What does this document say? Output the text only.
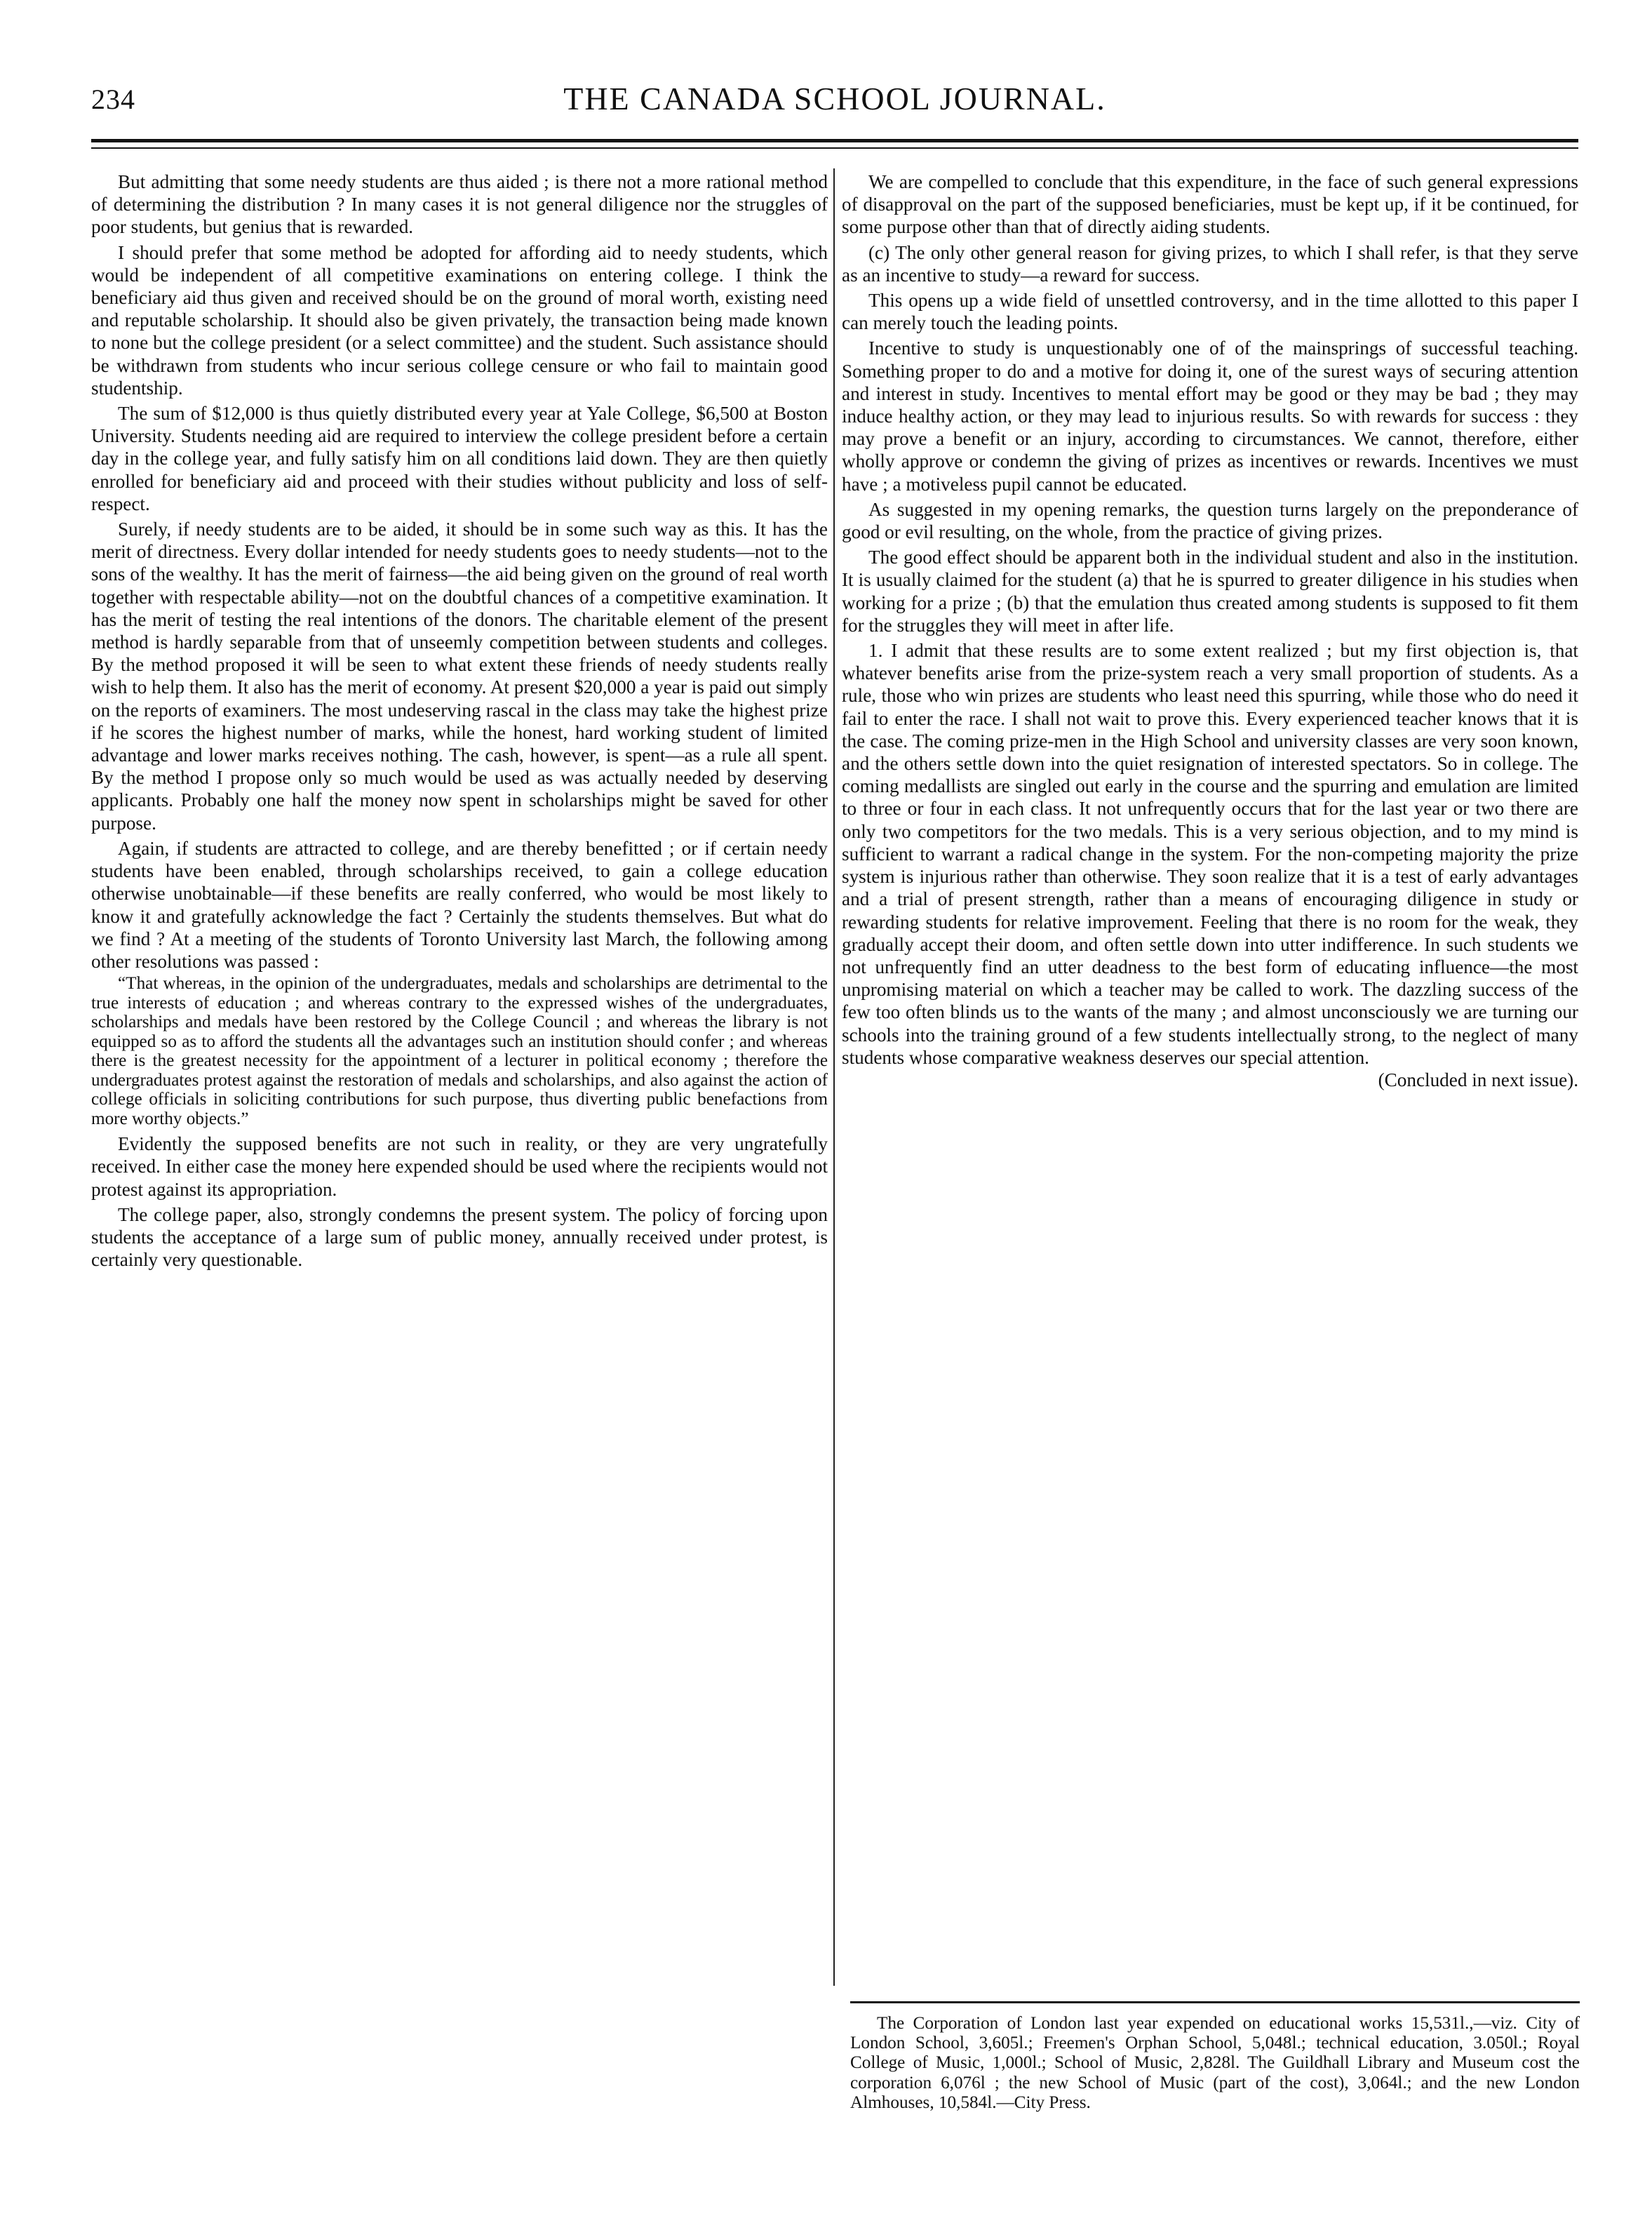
234	THE CANADA SCHOOL JOURNAL.

But admitting that some needy students are thus aided ; is there not a more rational method of determining the distribution ? In many cases it is not general diligence nor the struggles of poor students, but genius that is rewarded.

I should prefer that some method be adopted for affording aid to needy students, which would be independent of all competitive examinations on entering college. I think the beneficiary aid thus given and received should be on the ground of moral worth, existing need and reputable scholarship. It should also be given privately, the transaction being made known to none but the college president (or a select committee) and the student. Such assistance should be withdrawn from students who incur serious college censure or who fail to maintain good studentship.

The sum of $12,000 is thus quietly distributed every year at Yale College, $6,500 at Boston University. Students needing aid are required to interview the college president before a certain day in the college year, and fully satisfy him on all conditions laid down. They are then quietly enrolled for beneficiary aid and proceed with their studies without publicity and loss of self-respect.

Surely, if needy students are to be aided, it should be in some such way as this. It has the merit of directness. Every dollar intended for needy students goes to needy students—not to the sons of the wealthy. It has the merit of fairness—the aid being given on the ground of real worth together with respectable ability—not on the doubtful chances of a competitive examination. It has the merit of testing the real intentions of the donors. The charitable element of the present method is hardly separable from that of unseemly competition between students and colleges. By the method proposed it will be seen to what extent these friends of needy students really wish to help them. It also has the merit of economy. At present $20,000 a year is paid out simply on the reports of examiners. The most undeserving rascal in the class may take the highest prize if he scores the highest number of marks, while the honest, hard working student of limited advantage and lower marks receives nothing. The cash, however, is spent—as a rule all spent. By the method I propose only so much would be used as was actually needed by deserving applicants. Probably one half the money now spent in scholarships might be saved for other purpose.

Again, if students are attracted to college, and are thereby benefitted ; or if certain needy students have been enabled, through scholarships received, to gain a college education otherwise unobtainable—if these benefits are really conferred, who would be most likely to know it and gratefully acknowledge the fact ? Certainly the students themselves. But what do we find ? At a meeting of the students of Toronto University last March, the following among other resolutions was passed :

“That whereas, in the opinion of the undergraduates, medals and scholarships are detrimental to the true interests of education ; and whereas contrary to the expressed wishes of the undergraduates, scholarships and medals have been restored by the College Council ; and whereas the library is not equipped so as to afford the students all the advantages such an institution should confer ; and whereas there is the greatest necessity for the appointment of a lecturer in political economy ; therefore the undergraduates protest against the restoration of medals and scholarships, and also against the action of college officials in soliciting contributions for such purpose, thus diverting public benefactions from more worthy objects.”

Evidently the supposed benefits are not such in reality, or they are very ungratefully received. In either case the money here expended should be used where the recipients would not protest against its appropriation.

The college paper, also, strongly condemns the present system. The policy of forcing upon students the acceptance of a large sum of public money, annually received under protest, is certainly very questionable.

We are compelled to conclude that this expenditure, in the face of such general expressions of disapproval on the part of the supposed beneficiaries, must be kept up, if it be continued, for some purpose other than that of directly aiding students.

(c) The only other general reason for giving prizes, to which I shall refer, is that they serve as an incentive to study—a reward for success.

This opens up a wide field of unsettled controversy, and in the time allotted to this paper I can merely touch the leading points.

Incentive to study is unquestionably one of of the mainsprings of successful teaching. Something proper to do and a motive for doing it, one of the surest ways of securing attention and interest in study. Incentives to mental effort may be good or they may be bad ; they may induce healthy action, or they may lead to injurious results. So with rewards for success : they may prove a benefit or an injury, according to circumstances. We cannot, therefore, either wholly approve or condemn the giving of prizes as incentives or rewards. Incentives we must have ; a motiveless pupil cannot be educated.

As suggested in my opening remarks, the question turns largely on the preponderance of good or evil resulting, on the whole, from the practice of giving prizes.

The good effect should be apparent both in the individual student and also in the institution. It is usually claimed for the student (a) that he is spurred to greater diligence in his studies when working for a prize ; (b) that the emulation thus created among students is supposed to fit them for the struggles they will meet in after life.

1. I admit that these results are to some extent realized ; but my first objection is, that whatever benefits arise from the prize-system reach a very small proportion of students. As a rule, those who win prizes are students who least need this spurring, while those who do need it fail to enter the race. I shall not wait to prove this. Every experienced teacher knows that it is the case. The coming prize-men in the High School and university classes are very soon known, and the others settle down into the quiet resignation of interested spectators. So in college. The coming medallists are singled out early in the course and the spurring and emulation are limited to three or four in each class. It not unfrequently occurs that for the last year or two there are only two competitors for the two medals. This is a very serious objection, and to my mind is sufficient to warrant a radical change in the system. For the non-competing majority the prize system is injurious rather than otherwise. They soon realize that it is a test of early advantages and a trial of present strength, rather than a means of encouraging diligence in study or rewarding students for relative improvement. Feeling that there is no room for the weak, they gradually accept their doom, and often settle down into utter indifference. In such students we not unfrequently find an utter deadness to the best form of educating influence—the most unpromising material on which a teacher may be called to work. The dazzling success of the few too often blinds us to the wants of the many ; and almost unconsciously we are turning our schools into the training ground of a few students intellectually strong, to the neglect of many students whose comparative weakness deserves our special attention.

(Concluded in next issue).

The Corporation of London last year expended on educational works 15,531l.,—viz. City of London School, 3,605l.; Freemen's Orphan School, 5,048l.; technical education, 3.050l.; Royal College of Music, 1,000l.; School of Music, 2,828l. The Guildhall Library and Museum cost the corporation 6,076l ; the new School of Music (part of the cost), 3,064l.; and the new London Almhouses, 10,584l.—City Press.
